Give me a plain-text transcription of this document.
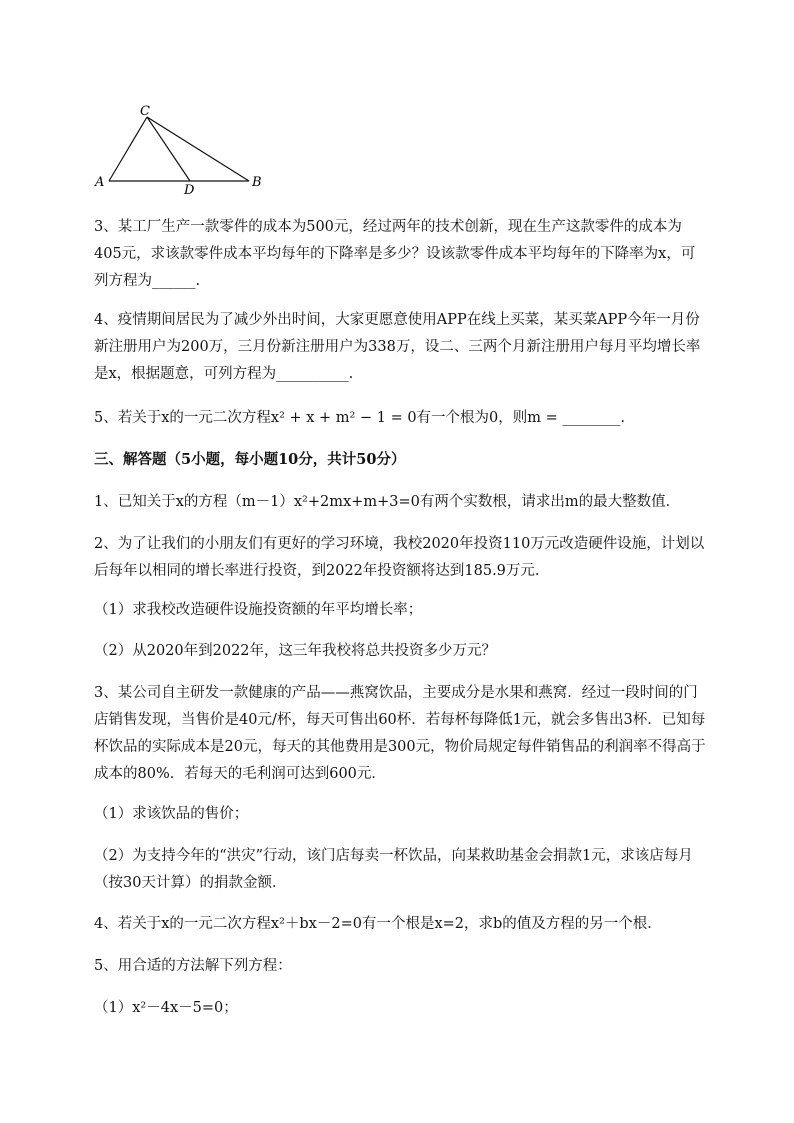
C
A
D
B

3、某工厂生产一款零件的成本为500元，经过两年的技术创新，现在生产这款零件的成本为405元，求该款零件成本平均每年的下降率是多少？设该款零件成本平均每年的下降率为x，可列方程为______.

4、疫情期间居民为了减少外出时间，大家更愿意使用APP在线上买菜，某买菜APP今年一月份新注册用户为200万，三月份新注册用户为338万，设二、三两个月新注册用户每月平均增长率是x，根据题意，可列方程为__________.

5、若关于x的一元二次方程x² + x + m² − 1 = 0有一个根为0，则m = ________.

三、解答题（5小题，每小题10分，共计50分）

1、已知关于x的方程（m－1）x²+2mx+m+3=0有两个实数根，请求出m的最大整数值．

2、为了让我们的小朋友们有更好的学习环境，我校2020年投资110万元改造硬件设施，计划以后每年以相同的增长率进行投资，到2022年投资额将达到185.9万元．

（1）求我校改造硬件设施投资额的年平均增长率；

（2）从2020年到2022年，这三年我校将总共投资多少万元？

3、某公司自主研发一款健康的产品——燕窝饮品，主要成分是水果和燕窝．经过一段时间的门店销售发现，当售价是40元/杯，每天可售出60杯．若每杯每降低1元，就会多售出3杯．已知每杯饮品的实际成本是20元，每天的其他费用是300元，物价局规定每件销售品的利润率不得高于成本的80%．若每天的毛利润可达到600元．

（1）求该饮品的售价；

（2）为支持今年的“洪灾”行动，该门店每卖一杯饮品，向某救助基金会捐款1元，求该店每月（按30天计算）的捐款金额．

4、若关于x的一元二次方程x²＋bx－2=0有一个根是x=2，求b的值及方程的另一个根．

5、用合适的方法解下列方程：

（1）x²－4x－5=0；
